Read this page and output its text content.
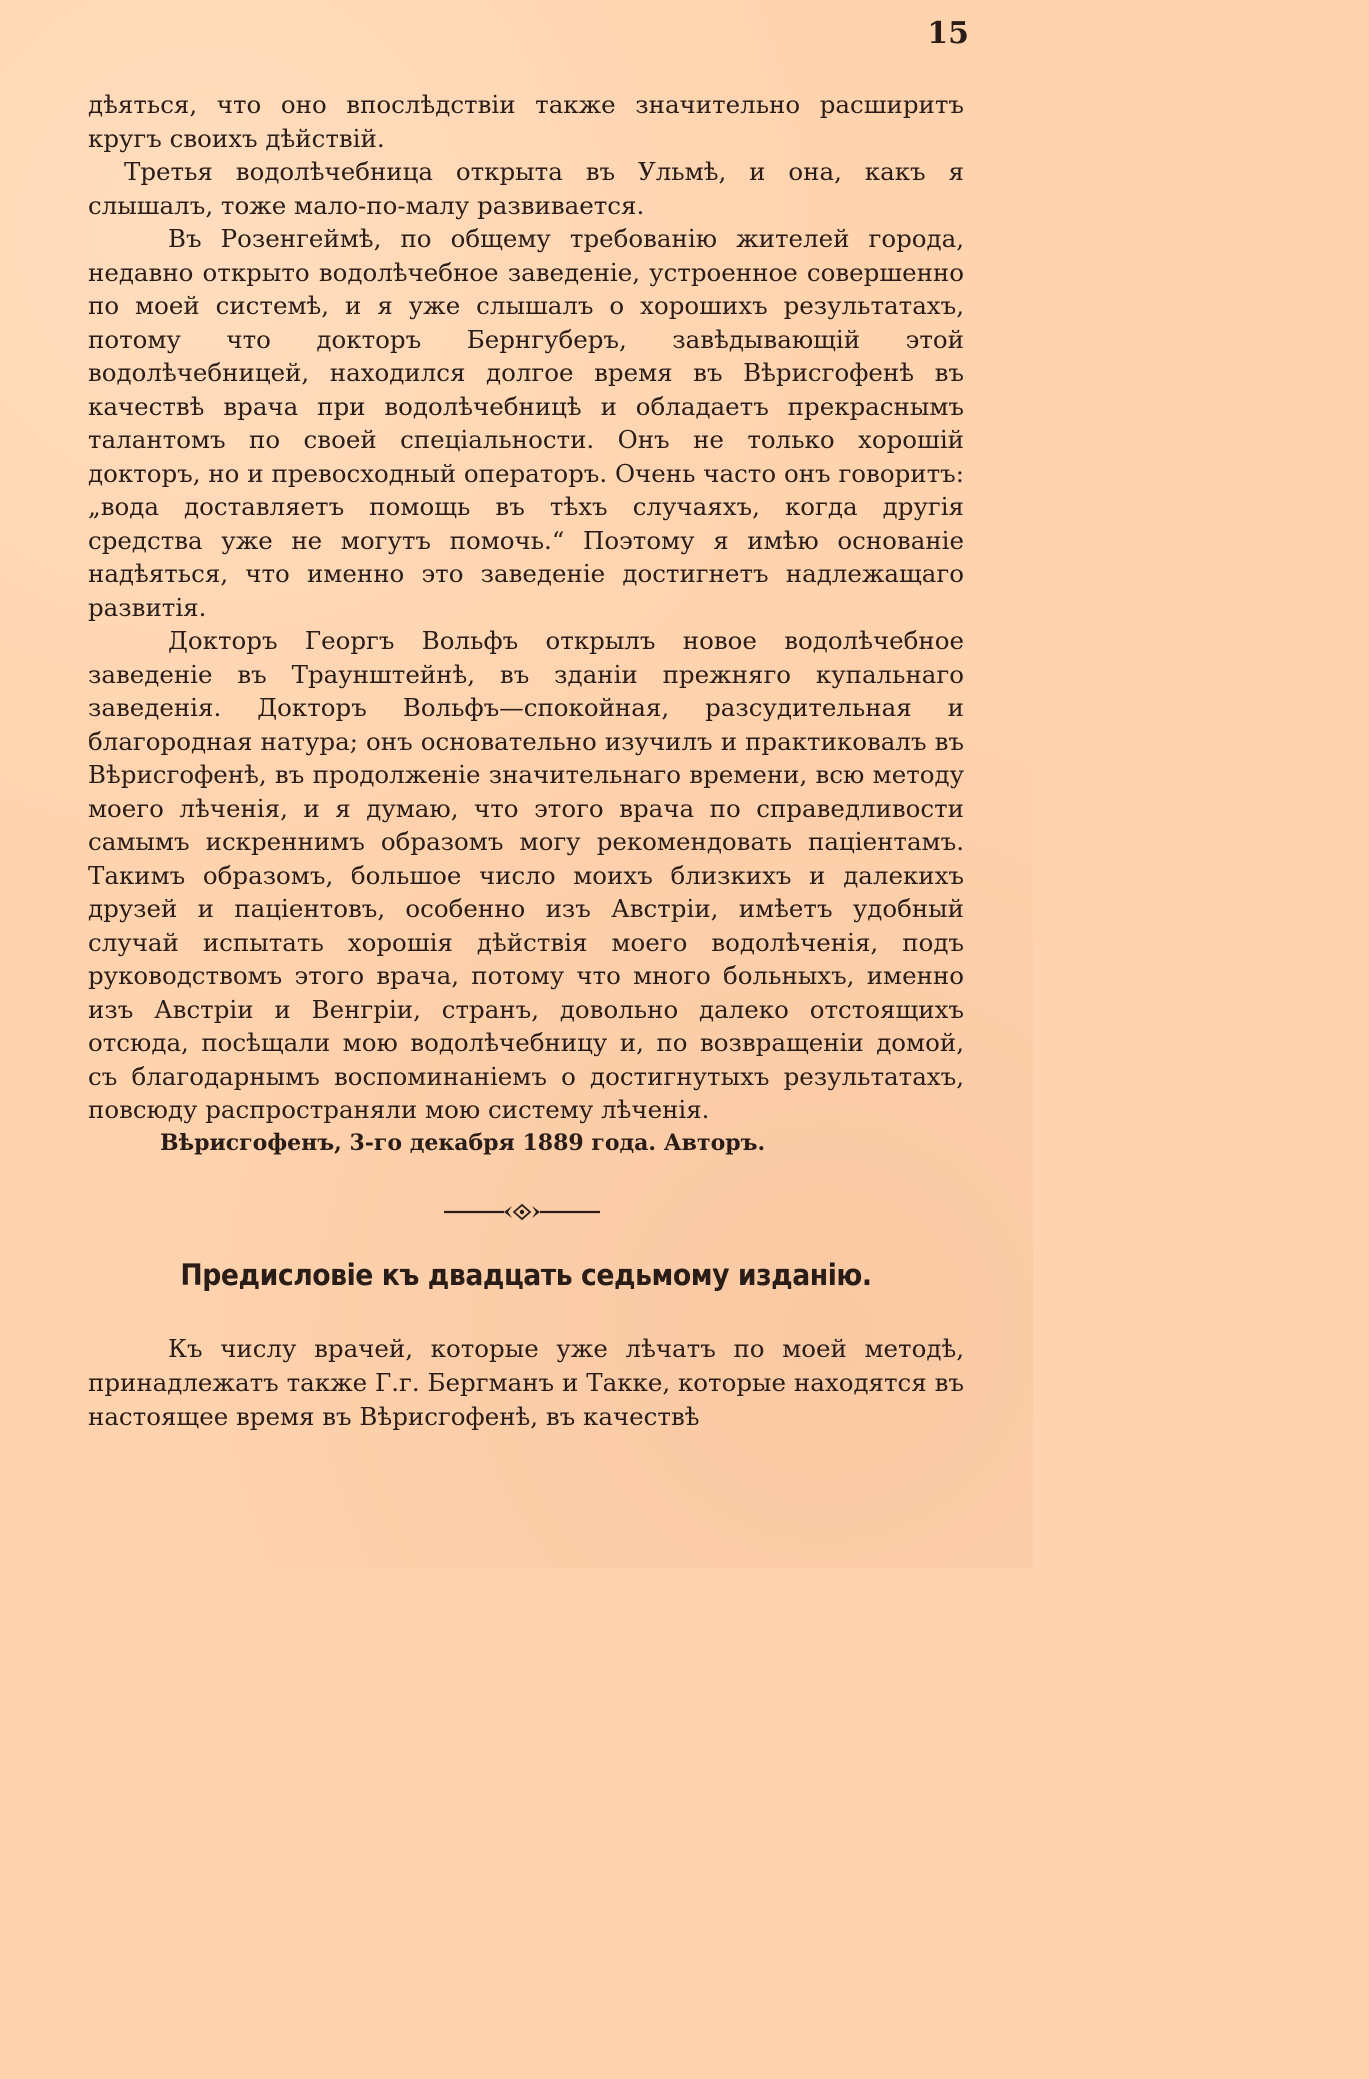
15

дѣяться, что оно впослѣдствіи также значительно расширитъ кругъ своихъ дѣйствій.

Третья водолѣчебница открыта въ Ульмѣ, и она, какъ я слышалъ, тоже мало-по-малу развивается.

Въ Розенгеймѣ, по общему требованію жителей города, недавно открыто водолѣчебное заведеніе, устроенное совершенно по моей системѣ, и я уже слышалъ о хорошихъ результатахъ, потому что докторъ Бернгуберъ, завѣдывающій этой водолѣчебницей, находился долгое время въ Вѣрисгофенѣ въ качествѣ врача при водолѣчебницѣ и обладаетъ прекраснымъ талантомъ по своей спеціальности. Онъ не только хорошій докторъ, но и превосходный операторъ. Очень часто онъ говоритъ: „вода доставляетъ помощь въ тѣхъ случаяхъ, когда другія средства уже не могутъ помочь.“ Поэтому я имѣю основаніе надѣяться, что именно это заведеніе достигнетъ надлежащаго развитія.

Докторъ Георгъ Вольфъ открылъ новое водолѣчебное заведеніе въ Траунштейнѣ, въ зданіи прежняго купальнаго заведенія. Докторъ Вольфъ—спокойная, разсудительная и благородная натура; онъ основательно изучилъ и практиковалъ въ Вѣрисгофенѣ, въ продолженіе значительнаго времени, всю методу моего лѣченія, и я думаю, что этого врача по справедливости самымъ искреннимъ образомъ могу рекомендовать паціентамъ. Такимъ образомъ, большое число моихъ близкихъ и далекихъ друзей и паціентовъ, особенно изъ Австріи, имѣетъ удобный случай испытать хорошія дѣйствія моего водолѣченія, подъ руководствомъ этого врача, потому что много больныхъ, именно изъ Австріи и Венгріи, странъ, довольно далеко отстоящихъ отсюда, посѣщали мою водолѣчебницу и, по возвращеніи домой, съ благодарнымъ воспоминаніемъ о достигнутыхъ результатахъ, повсюду распространяли мою систему лѣченія.

Вѣрисгофенъ, 3-го декабря 1889 года. Авторъ.

Предисловіе къ двадцать седьмому изданію.

Къ числу врачей, которые уже лѣчатъ по моей методѣ, принадлежатъ также Г.г. Бергманъ и Такке, которые находятся въ настоящее время въ Вѣрисгофенѣ, въ качествѣ
